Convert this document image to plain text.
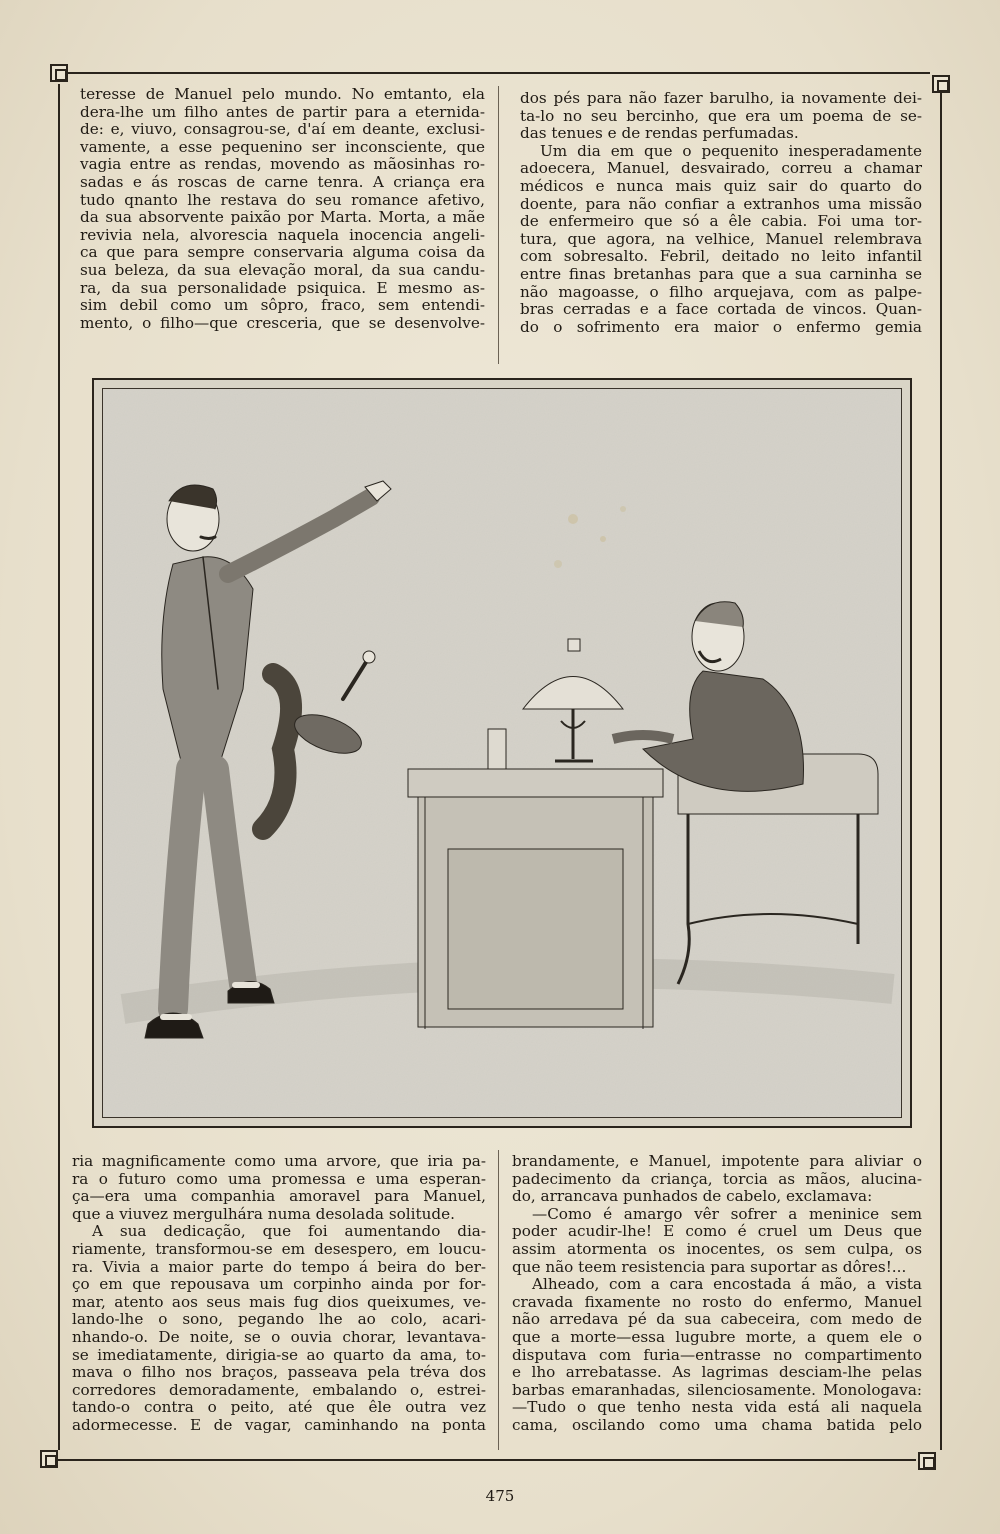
teresse de Manuel pelo mundo. No emtanto, ela
dera-lhe um filho antes de partir para a eternida-
de: e, viuvo, consagrou-se, d'aí em deante, exclusi-
vamente, a esse pequenino ser inconsciente, que
vagia entre as rendas, movendo as mãosinhas ro-
sadas e ás roscas de carne tenra. A criança era
tudo qnanto lhe restava do seu romance afetivo,
da sua absorvente paixão por Marta. Morta, a mãe
revivia nela, alvorescia naquela inocencia angeli-
ca que para sempre conservaria alguma coisa da
sua beleza, da sua elevação moral, da sua candu-
ra, da sua personalidade psiquica. E mesmo as-
sim debil como um sôpro, fraco, sem entendi-
mento, o filho—que cresceria, que se desenvolve-
dos pés para não fazer barulho, ia novamente dei-
ta-lo no seu bercinho, que era um poema de se-
das tenues e de rendas perfumadas.
Um dia em que o pequenito inesperadamente
adoecera, Manuel, desvairado, correu a chamar
médicos e nunca mais quiz sair do quarto do
doente, para não confiar a extranhos uma missão
de enfermeiro que só a êle cabia. Foi uma tor-
tura, que agora, na velhice, Manuel relembrava
com sobresalto. Febril, deitado no leito infantil
entre finas bretanhas para que a sua carninha se
não magoasse, o filho arquejava, com as palpe-
bras cerradas e a face cortada de vincos. Quan-
do o sofrimento era maior o enfermo gemia
ria magnificamente como uma arvore, que iria pa-
ra o futuro como uma promessa e uma esperan-
ça—era uma companhia amoravel para Manuel,
que a viuvez mergulhára numa desolada solitude.
A sua dedicação, que foi aumentando dia-
riamente, transformou-se em desespero, em loucu-
ra. Vivia a maior parte do tempo á beira do ber-
ço em que repousava um corpinho ainda por for-
mar, atento aos seus mais fug dios queixumes, ve-
lando-lhe o sono, pegando lhe ao colo, acari-
nhando-o. De noite, se o ouvia chorar, levantava-
se imediatamente, dirigia-se ao quarto da ama, to-
mava o filho nos braços, passeava pela tréva dos
corredores demoradamente, embalando o, estrei-
tando-o contra o peito, até que êle outra vez
adormecesse. E de vagar, caminhando na ponta
brandamente, e Manuel, impotente para aliviar o
padecimento da criança, torcia as mãos, alucina-
do, arrancava punhados de cabelo, exclamava:
—Como é amargo vêr sofrer a meninice sem
poder acudir-lhe! E como é cruel um Deus que
assim atormenta os inocentes, os sem culpa, os
que não teem resistencia para suportar as dôres!...
Alheado, com a cara encostada á mão, a vista
cravada fixamente no rosto do enfermo, Manuel
não arredava pé da sua cabeceira, com medo de
que a morte—essa lugubre morte, a quem ele o
disputava com furia—entrasse no compartimento
e lho arrebatasse. As lagrimas desciam-lhe pelas
barbas emaranhadas, silenciosamente. Monologava:
—Tudo o que tenho nesta vida está ali naquela
cama, oscilando como uma chama batida pelo
475
